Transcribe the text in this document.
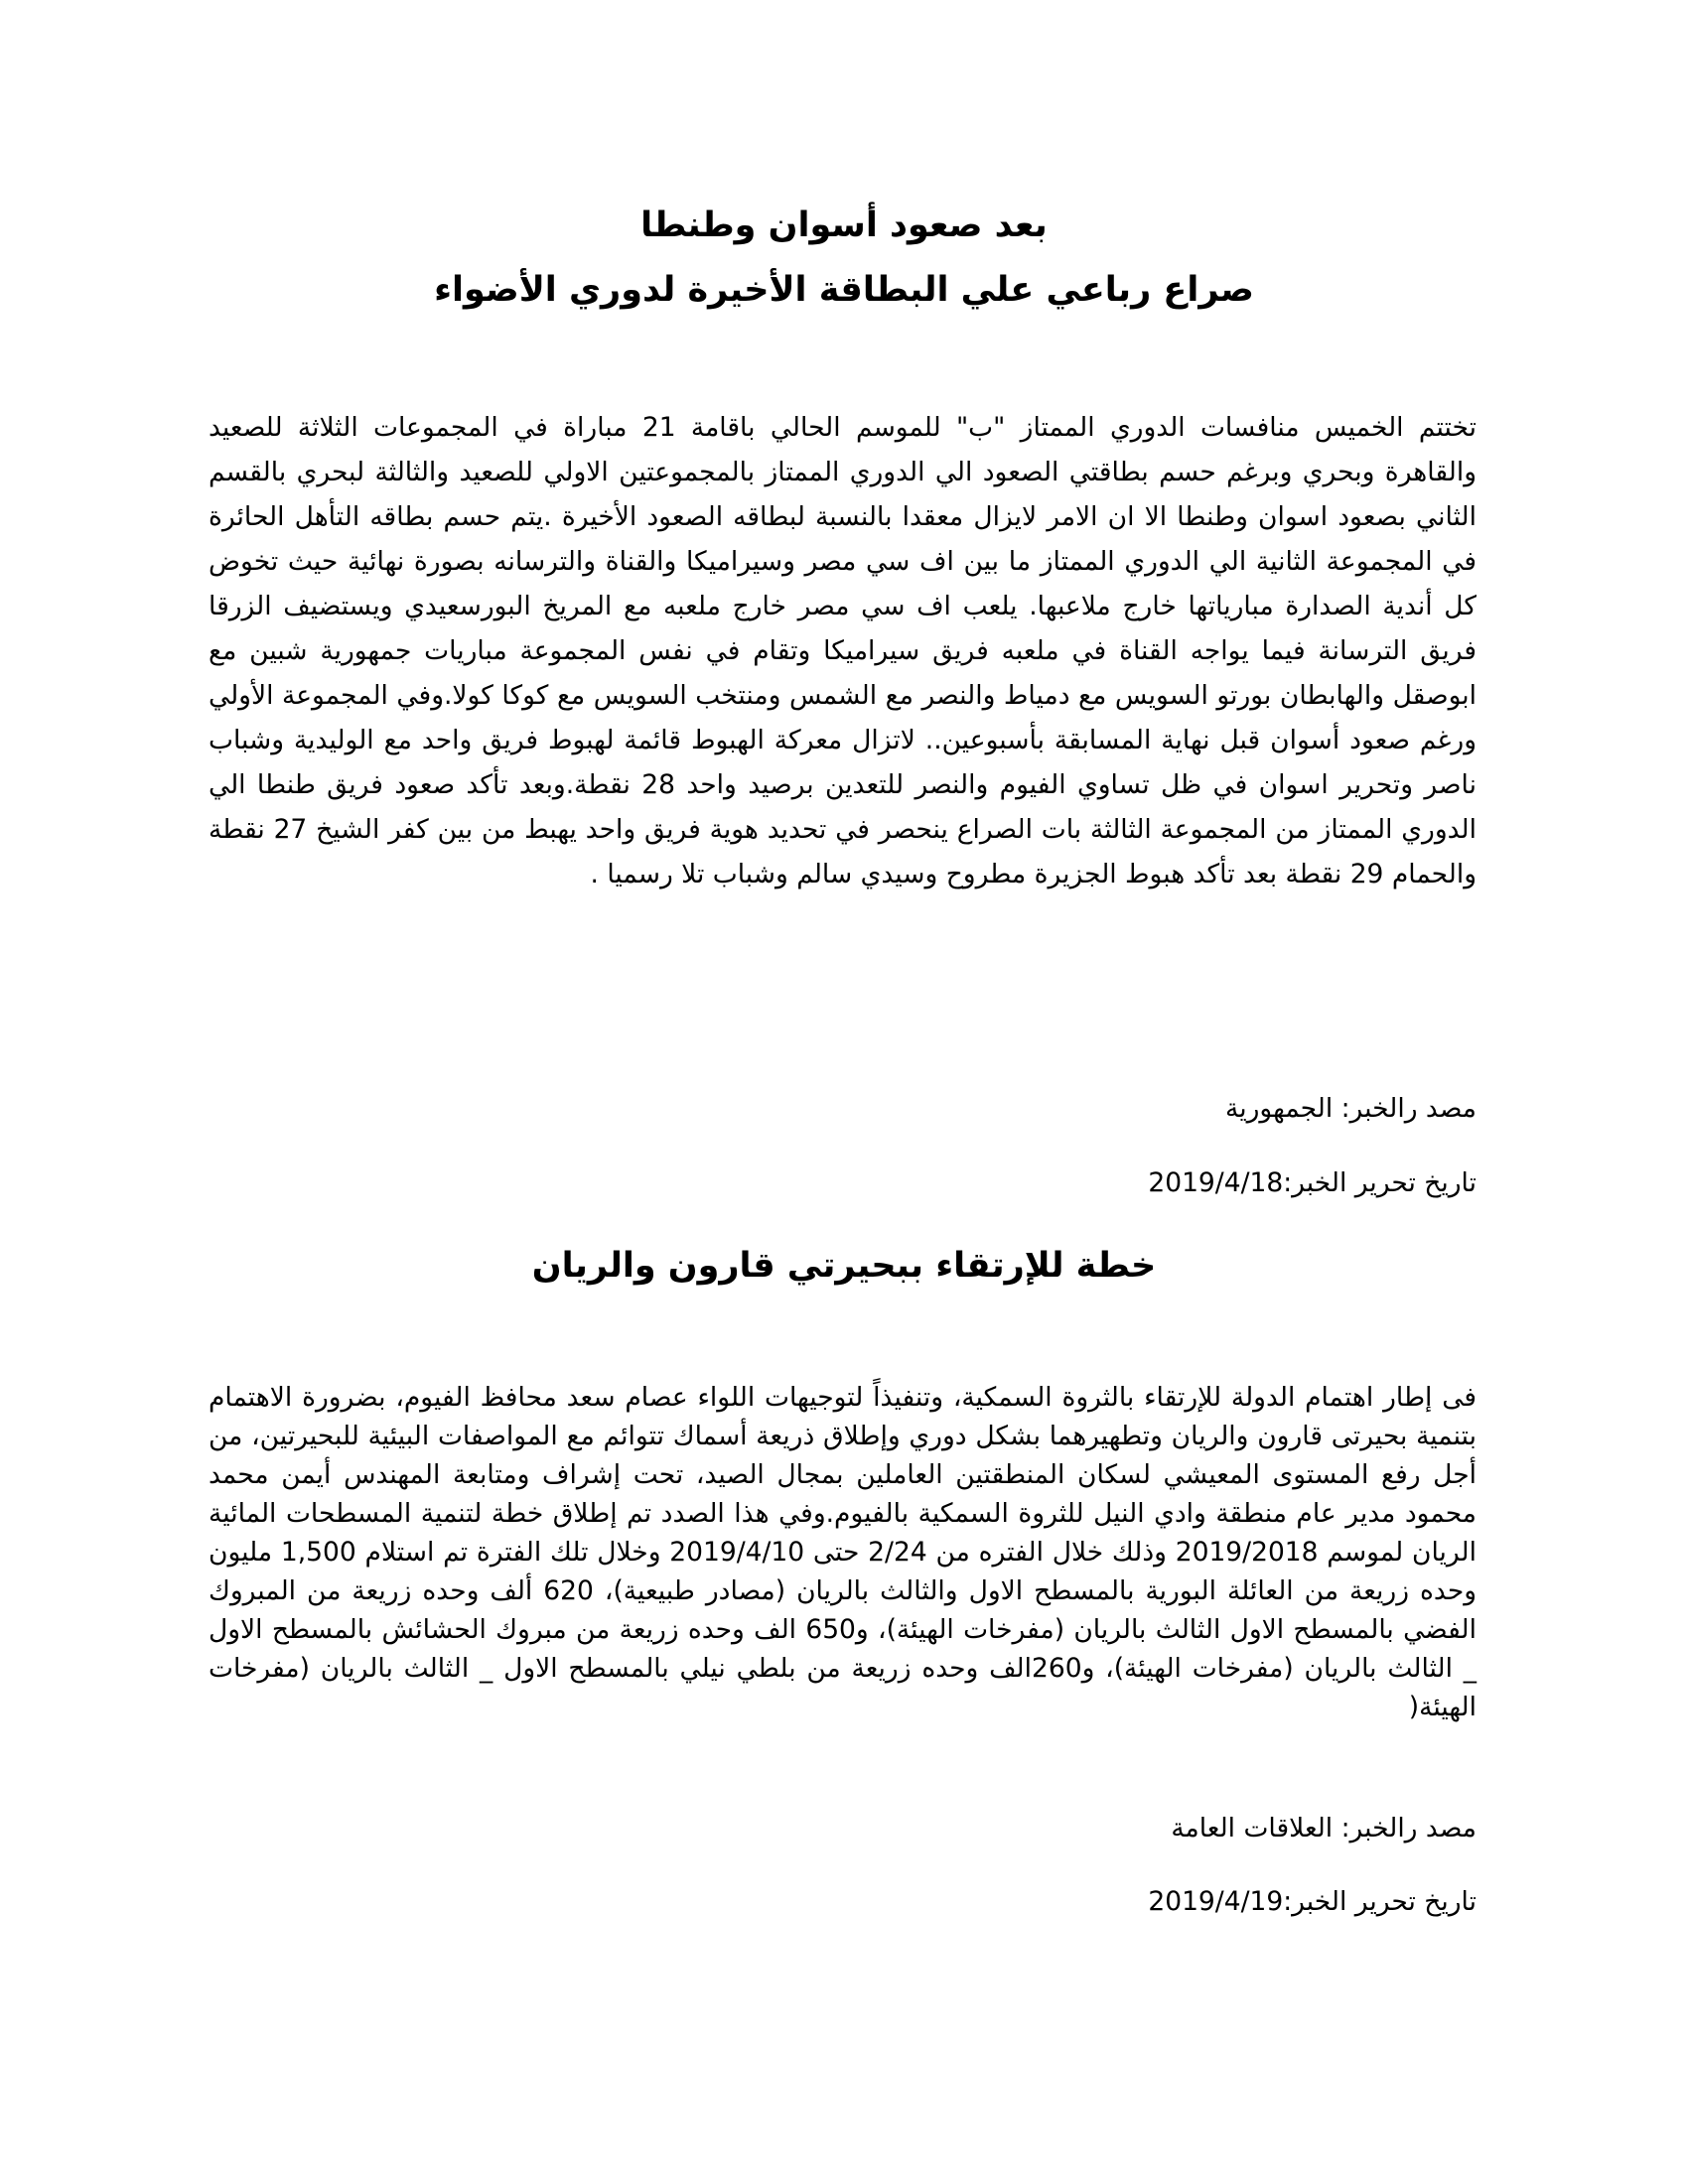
بعد صعود أسوان وطنطا
صراع رباعي علي البطاقة الأخيرة لدوري الأضواء

تختتم الخميس منافسات الدوري الممتاز "ب" للموسم الحالي باقامة 21 مباراة في المجموعات الثلاثة للصعيد والقاهرة وبحري وبرغم حسم بطاقتي الصعود الي الدوري الممتاز بالمجموعتين الاولي للصعيد والثالثة لبحري بالقسم الثاني بصعود اسوان وطنطا الا ان الامر لايزال معقدا بالنسبة لبطاقه الصعود الأخيرة .يتم حسم بطاقه التأهل الحائرة في المجموعة الثانية الي الدوري الممتاز ما بين اف سي مصر وسيراميكا والقناة والترسانه بصورة نهائية حيث تخوض كل أندية الصدارة مبارياتها خارج ملاعبها. يلعب اف سي مصر خارج ملعبه مع المريخ البورسعيدي ويستضيف الزرقا فريق الترسانة فيما يواجه القناة في ملعبه فريق سيراميكا وتقام في نفس المجموعة مباريات جمهورية شبين مع ابوصقل والهابطان بورتو السويس مع دمياط والنصر مع الشمس ومنتخب السويس مع كوكا كولا.وفي المجموعة الأولي ورغم صعود أسوان قبل نهاية المسابقة بأسبوعين.. لاتزال معركة الهبوط قائمة لهبوط فريق واحد مع الوليدية وشباب ناصر وتحرير اسوان في ظل تساوي الفيوم والنصر للتعدين برصيد واحد 28 نقطة.وبعد تأكد صعود فريق طنطا الي الدوري الممتاز من المجموعة الثالثة بات الصراع ينحصر في تحديد هوية فريق واحد يهبط من بين كفر الشيخ 27 نقطة والحمام 29 نقطة بعد تأكد هبوط الجزيرة مطروح وسيدي سالم وشباب تلا رسميا .

مصد رالخبر: الجمهورية

تاريخ تحرير الخبر:2019/4/18

خطة للإرتقاء ببحيرتي قارون والريان

فى إطار اهتمام الدولة للإرتقاء بالثروة السمكية، وتنفيذاً لتوجيهات اللواء عصام سعد محافظ الفيوم، بضرورة الاهتمام بتنمية بحيرتى قارون والريان وتطهيرهما بشكل دوري وإطلاق ذريعة أسماك تتوائم مع المواصفات البيئية للبحيرتين، من أجل رفع المستوى المعيشي لسكان المنطقتين العاملين بمجال الصيد، تحت إشراف ومتابعة المهندس أيمن محمد محمود مدير عام منطقة وادي النيل للثروة السمكية بالفيوم.وفي هذا الصدد تم إطلاق خطة لتنمية المسطحات المائية الريان لموسم 2019/2018 وذلك خلال الفتره من 2/24 حتى 2019/4/10 وخلال تلك الفترة تم استلام 1,500 مليون وحده زريعة من العائلة البورية بالمسطح الاول والثالث بالريان (مصادر طبيعية)، 620 ألف وحده زريعة من المبروك الفضي بالمسطح الاول الثالث بالريان (مفرخات الهيئة)، و650 الف وحده زريعة من مبروك الحشائش بالمسطح الاول _ الثالث بالريان (مفرخات الهيئة)، و260الف وحده زريعة من بلطي نيلي بالمسطح الاول _ الثالث بالريان (مفرخات الهيئة(

مصد رالخبر: العلاقات العامة

تاريخ تحرير الخبر:2019/4/19
